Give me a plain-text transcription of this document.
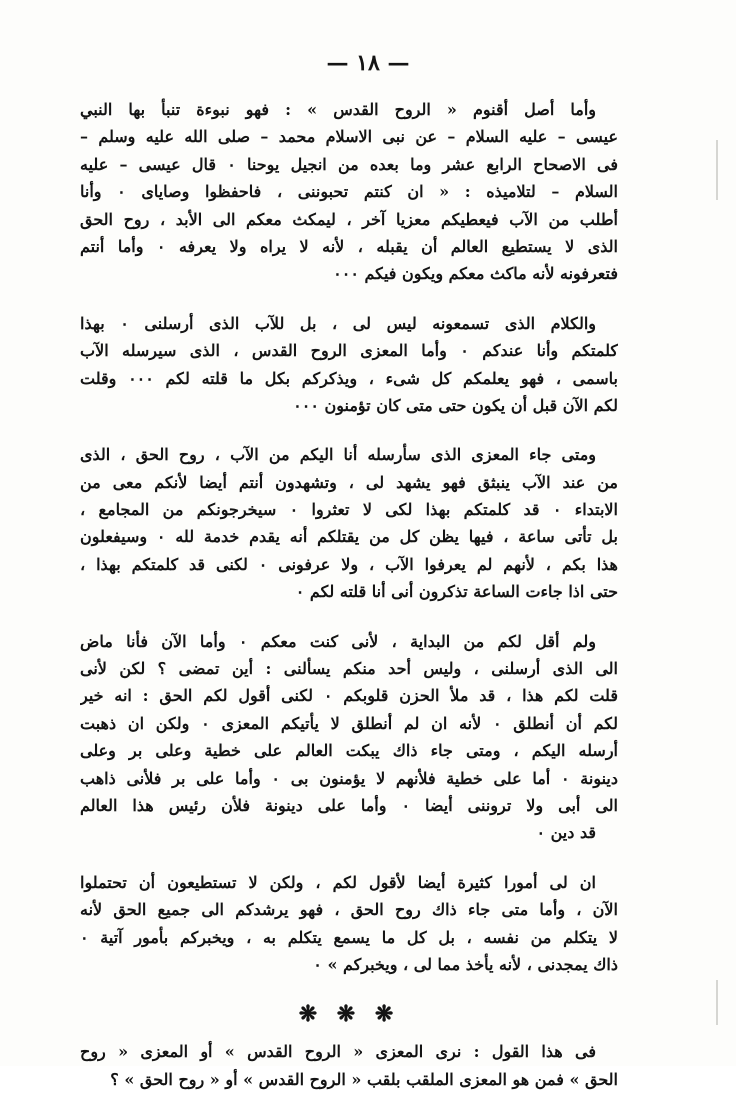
— ١٨ —
وأما أصل أقنوم « الروح القدس » : فهو نبوءة تنبأ بها النبي
عيسى – عليه السلام – عن نبى الاسلام محمد – صلى الله عليه وسلم –
فى الاصحاح الرابع عشر وما بعده من انجيل يوحنا ٠ قال عيسى – عليه
السلام – لتلاميذه : « ان كنتم تحبوننى ، فاحفظوا وصاياى ٠ وأنا
أطلب من الآب فيعطيكم معزيا آخر ، ليمكث معكم الى الأبد ، روح الحق
الذى لا يستطيع العالم أن يقبله ، لأنه لا يراه ولا يعرفه ٠ وأما أنتم
فتعرفونه لأنه ماكث معكم ويكون فيكم ٠٠٠
والكلام الذى تسمعونه ليس لى ، بل للآب الذى أرسلنى ٠ بهذا
كلمتكم وأنا عندكم ٠ وأما المعزى الروح القدس ، الذى سيرسله الآب
باسمى ، فهو يعلمكم كل شىء ، ويذكركم بكل ما قلته لكم ٠٠٠ وقلت
لكم الآن قبل أن يكون حتى متى كان تؤمنون ٠٠٠
ومتى جاء المعزى الذى سأرسله أنا اليكم من الآب ، روح الحق ، الذى
من عند الآب ينبثق فهو يشهد لى ، وتشهدون أنتم أيضا لأنكم معى من
الابتداء ٠ قد كلمتكم بهذا لكى لا تعثروا ٠ سيخرجونكم من المجامع ،
بل تأتى ساعة ، فيها يظن كل من يقتلكم أنه يقدم خدمة لله ٠ وسيفعلون
هذا بكم ، لأنهم لم يعرفوا الآب ، ولا عرفونى ٠ لكنى قد كلمتكم بهذا ،
حتى اذا جاءت الساعة تذكرون أنى أنا قلته لكم ٠
ولم أقل لكم من البداية ، لأنى كنت معكم ٠ وأما الآن فأنا ماض
الى الذى أرسلنى ، وليس أحد منكم يسألنى : أين تمضى ؟ لكن لأنى
قلت لكم هذا ، قد ملأ الحزن قلوبكم ٠ لكنى أقول لكم الحق : انه خير
لكم أن أنطلق ٠ لأنه ان لم أنطلق لا يأتيكم المعزى ٠ ولكن ان ذهبت
أرسله اليكم ، ومتى جاء ذاك يبكت العالم على خطية وعلى بر وعلى
دينونة ٠ أما على خطية فلأنهم لا يؤمنون بى ٠ وأما على بر فلأنى ذاهب
الى أبى ولا تروننى أيضا ٠ وأما على دينونة فلأن رئيس هذا العالم
قد دين ٠
ان لى أمورا كثيرة أيضا لأقول لكم ، ولكن لا تستطيعون أن تحتملوا
الآن ، وأما متى جاء ذاك روح الحق ، فهو يرشدكم الى جميع الحق لأنه
لا يتكلم من نفسه ، بل كل ما يسمع يتكلم به ، ويخبركم بأمور آتية ٠
ذاك يمجدنى ، لأنه يأخذ مما لى ، ويخبركم » ٠
❋ ❋ ❋
فى هذا القول : نرى المعزى « الروح القدس » أو المعزى « روح
الحق » فمن هو المعزى الملقب بلقب « الروح القدس » أو « روح الحق » ؟
